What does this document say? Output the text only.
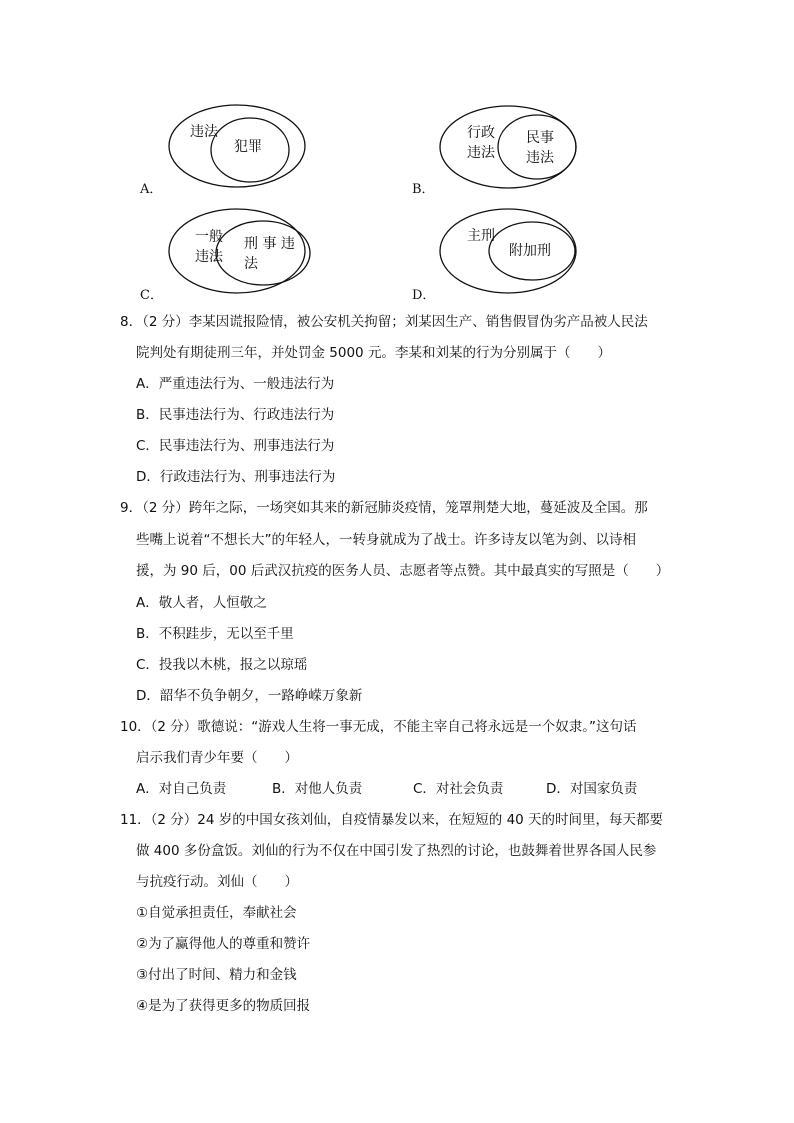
违法
犯罪
A．
行政
违法
民事
违法
B．
一般
违法
刑 事 违
法
C．
主刑
附加刑
D．
8．（2 分）李某因谎报险情，被公安机关拘留；刘某因生产、销售假冒伪劣产品被人民法
院判处有期徒刑三年，并处罚金 5000 元。李某和刘某的行为分别属于（　　）
A．严重违法行为、一般违法行为
B．民事违法行为、行政违法行为
C．民事违法行为、刑事违法行为
D．行政违法行为、刑事违法行为
9．（2 分）跨年之际，一场突如其来的新冠肺炎疫情，笼罩荆楚大地，蔓延波及全国。那
些嘴上说着“不想长大”的年轻人，一转身就成为了战士。许多诗友以笔为剑、以诗相
援，为 90 后，00 后武汉抗疫的医务人员、志愿者等点赞。其中最真实的写照是（　　）
A．敬人者，人恒敬之
B．不积跬步，无以至千里
C．投我以木桃，报之以琼瑶
D．韶华不负争朝夕，一路峥嵘万象新
10．（2 分）歌德说：“游戏人生将一事无成，不能主宰自己将永远是一个奴隶。”这句话
启示我们青少年要（　　）
A．对自己负责	B．对他人负责	C．对社会负责	D．对国家负责
11．（2 分）24 岁的中国女孩刘仙，自疫情暴发以来，在短短的 40 天的时间里，每天都要
做 400 多份盒饭。刘仙的行为不仅在中国引发了热烈的讨论，也鼓舞着世界各国人民参
与抗疫行动。刘仙（　　）
①自觉承担责任，奉献社会
②为了赢得他人的尊重和赞许
③付出了时间、精力和金钱
④是为了获得更多的物质回报
